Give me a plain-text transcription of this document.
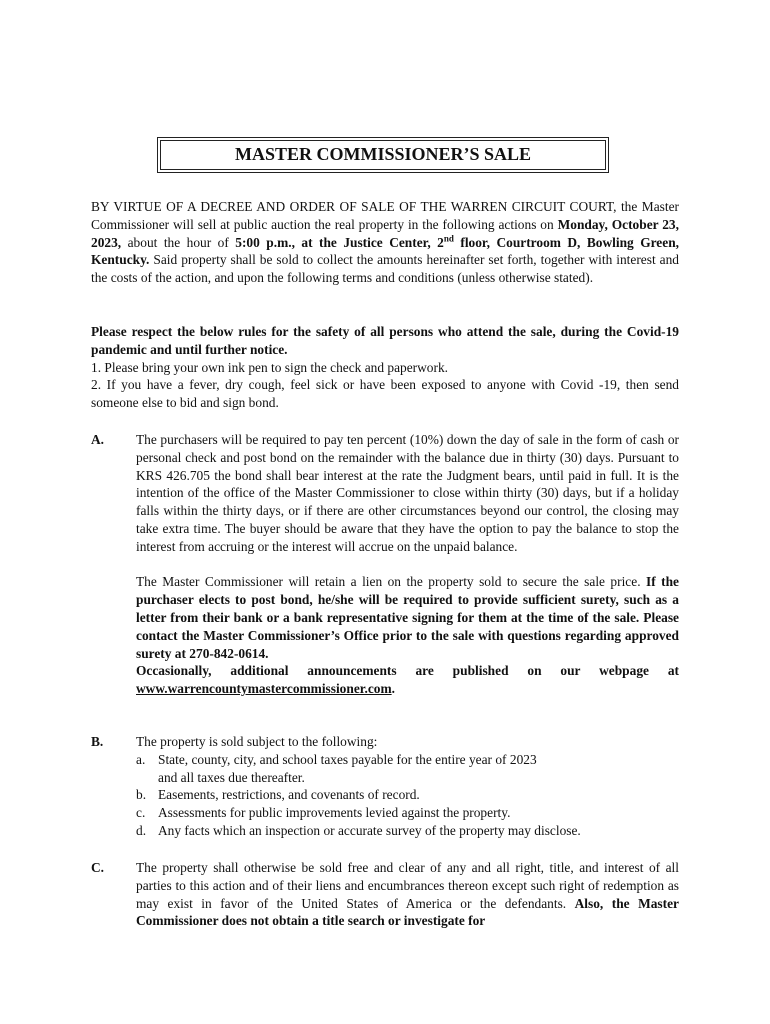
MASTER COMMISSIONER’S SALE

BY VIRTUE OF A DECREE AND ORDER OF SALE OF THE WARREN CIRCUIT COURT, the Master Commissioner will sell at public auction the real property in the following actions on Monday, October 23, 2023, about the hour of 5:00 p.m., at the Justice Center, 2nd floor, Courtroom D, Bowling Green, Kentucky. Said property shall be sold to collect the amounts hereinafter set forth, together with interest and the costs of the action, and upon the following terms and conditions (unless otherwise stated).

Please respect the below rules for the safety of all persons who attend the sale, during the Covid-19 pandemic and until further notice.

1. Please bring your own ink pen to sign the check and paperwork.

2. If you have a fever, dry cough, feel sick or have been exposed to anyone with Covid -19, then send someone else to bid and sign bond.

A. The purchasers will be required to pay ten percent (10%) down the day of sale in the form of cash or personal check and post bond on the remainder with the balance due in thirty (30) days. Pursuant to KRS 426.705 the bond shall bear interest at the rate the Judgment bears, until paid in full. It is the intention of the office of the Master Commissioner to close within thirty (30) days, but if a holiday falls within the thirty days, or if there are other circumstances beyond our control, the closing may take extra time. The buyer should be aware that they have the option to pay the balance to stop the interest from accruing or the interest will accrue on the unpaid balance.

The Master Commissioner will retain a lien on the property sold to secure the sale price. If the purchaser elects to post bond, he/she will be required to provide sufficient surety, such as a letter from their bank or a bank representative signing for them at the time of the sale. Please contact the Master Commissioner’s Office prior to the sale with questions regarding approved surety at 270-842-0614.

Occasionally, additional announcements are published on our webpage at www.warrencountymastercommissioner.com.

B. The property is sold subject to the following:

a. State, county, city, and school taxes payable for the entire year of 2023
and all taxes due thereafter.
b. Easements, restrictions, and covenants of record.
c. Assessments for public improvements levied against the property.
d. Any facts which an inspection or accurate survey of the property may disclose.
C. The property shall otherwise be sold free and clear of any and all right, title, and interest of all parties to this action and of their liens and encumbrances thereon except such right of redemption as may exist in favor of the United States of America or the defendants. Also, the Master Commissioner does not obtain a title search or investigate for
